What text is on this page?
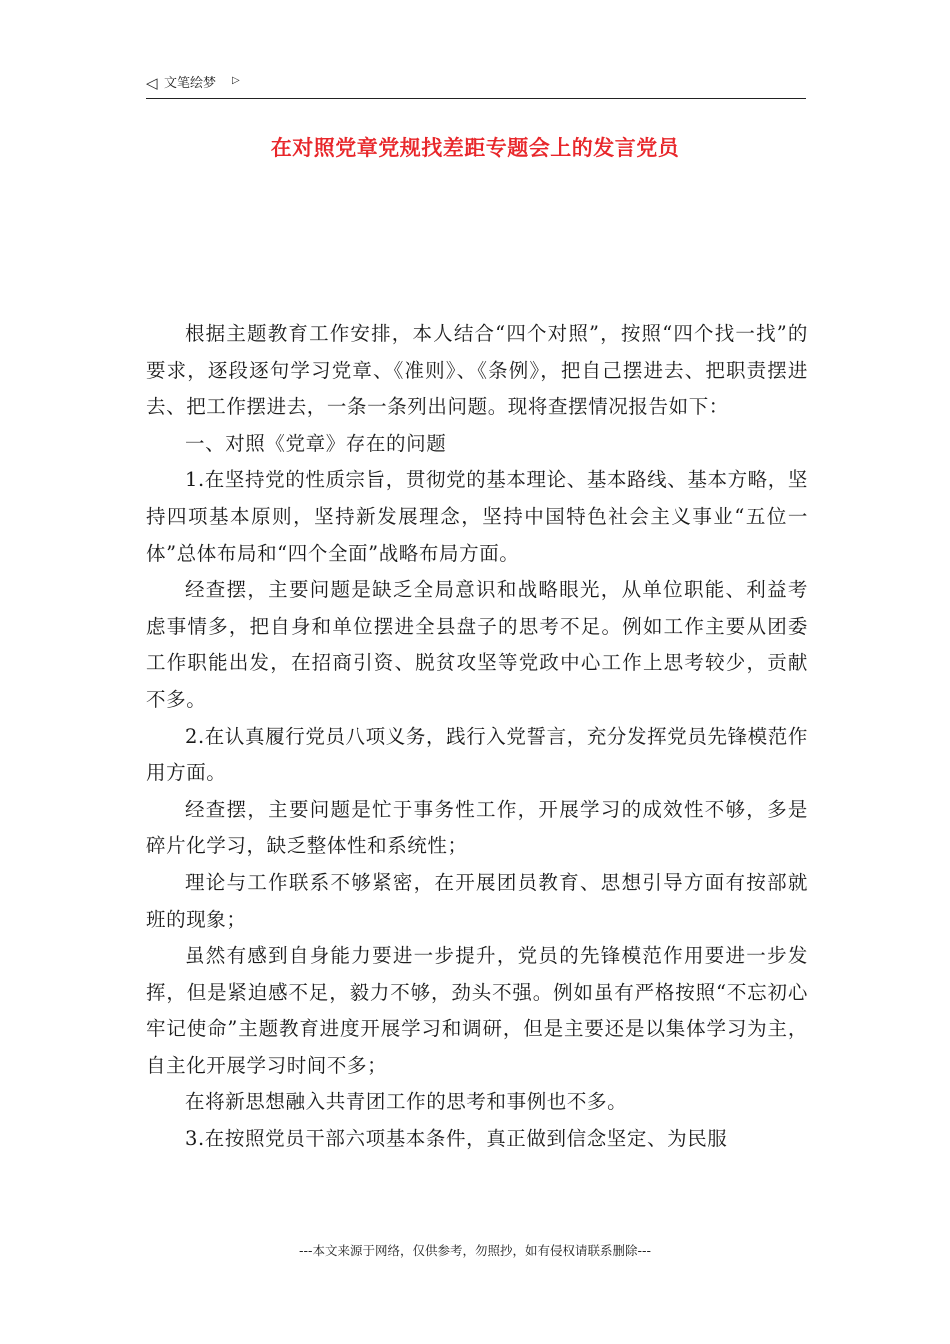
◁ 文笔绘梦 ▷
在对照党章党规找差距专题会上的发言党员

根据主题教育工作安排，本人结合“四个对照”，按照“四个找一找”的要求，逐段逐句学习党章、《准则》、《条例》，把自己摆进去、把职责摆进去、把工作摆进去，一条一条列出问题。现将查摆情况报告如下：

一、对照《党章》存在的问题

1.在坚持党的性质宗旨，贯彻党的基本理论、基本路线、基本方略，坚持四项基本原则，坚持新发展理念，坚持中国特色社会主义事业“五位一体”总体布局和“四个全面”战略布局方面。

经查摆，主要问题是缺乏全局意识和战略眼光，从单位职能、利益考虑事情多，把自身和单位摆进全县盘子的思考不足。例如工作主要从团委工作职能出发，在招商引资、脱贫攻坚等党政中心工作上思考较少，贡献不多。

2.在认真履行党员八项义务，践行入党誓言，充分发挥党员先锋模范作用方面。

经查摆，主要问题是忙于事务性工作，开展学习的成效性不够，多是碎片化学习，缺乏整体性和系统性；

理论与工作联系不够紧密，在开展团员教育、思想引导方面有按部就班的现象；

虽然有感到自身能力要进一步提升，党员的先锋模范作用要进一步发挥，但是紧迫感不足，毅力不够，劲头不强。例如虽有严格按照“不忘初心牢记使命”主题教育进度开展学习和调研，但是主要还是以集体学习为主，自主化开展学习时间不多；

在将新思想融入共青团工作的思考和事例也不多。

3.在按照党员干部六项基本条件，真正做到信念坚定、为民服

---本文来源于网络，仅供参考，勿照抄，如有侵权请联系删除---
